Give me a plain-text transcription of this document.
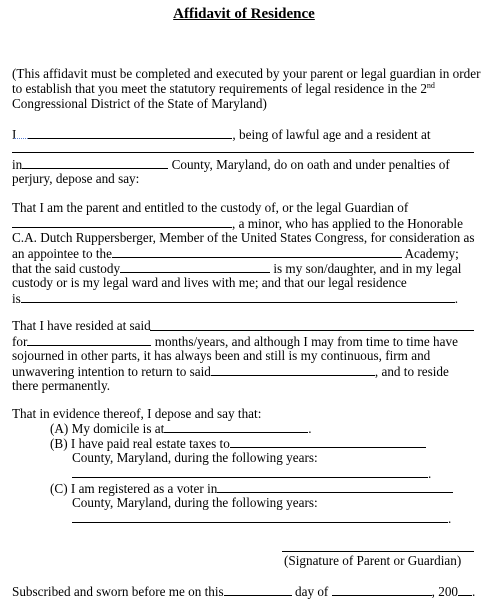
Affidavit of Residence
(This affidavit must be completed and executed by your parent or legal guardian in order
to establish that you meet the statutory requirements of legal residence in the 2nd
Congressional District of the State of Maryland)
I	, being of lawful age and a resident at
in	County, Maryland, do on oath and under penalties of
perjury, depose and say:
That I am the parent and entitled to the custody of, or the legal Guardian of
, a minor, who has applied to the Honorable
C.A. Dutch Ruppersberger, Member of the United States Congress, for consideration as
an appointee to the	Academy;
that the said custody	is my son/daughter, and in my legal
custody or is my legal ward and lives with me; and that our legal residence
is	.
That I have resided at said
for	months/years, and although I may from time to time have
sojourned in other parts, it has always been and still is my continuous, firm and
unwavering intention to return to said	, and to reside
there permanently.
That in evidence thereof, I depose and say that:
(A) My domicile is at	.
(B) I have paid real estate taxes to
County, Maryland, during the following years:
.
(C) I am registered as a voter in
County, Maryland, during the following years:
.
(Signature of Parent or Guardian)
Subscribed and sworn before me on this	day of	, 200 .
